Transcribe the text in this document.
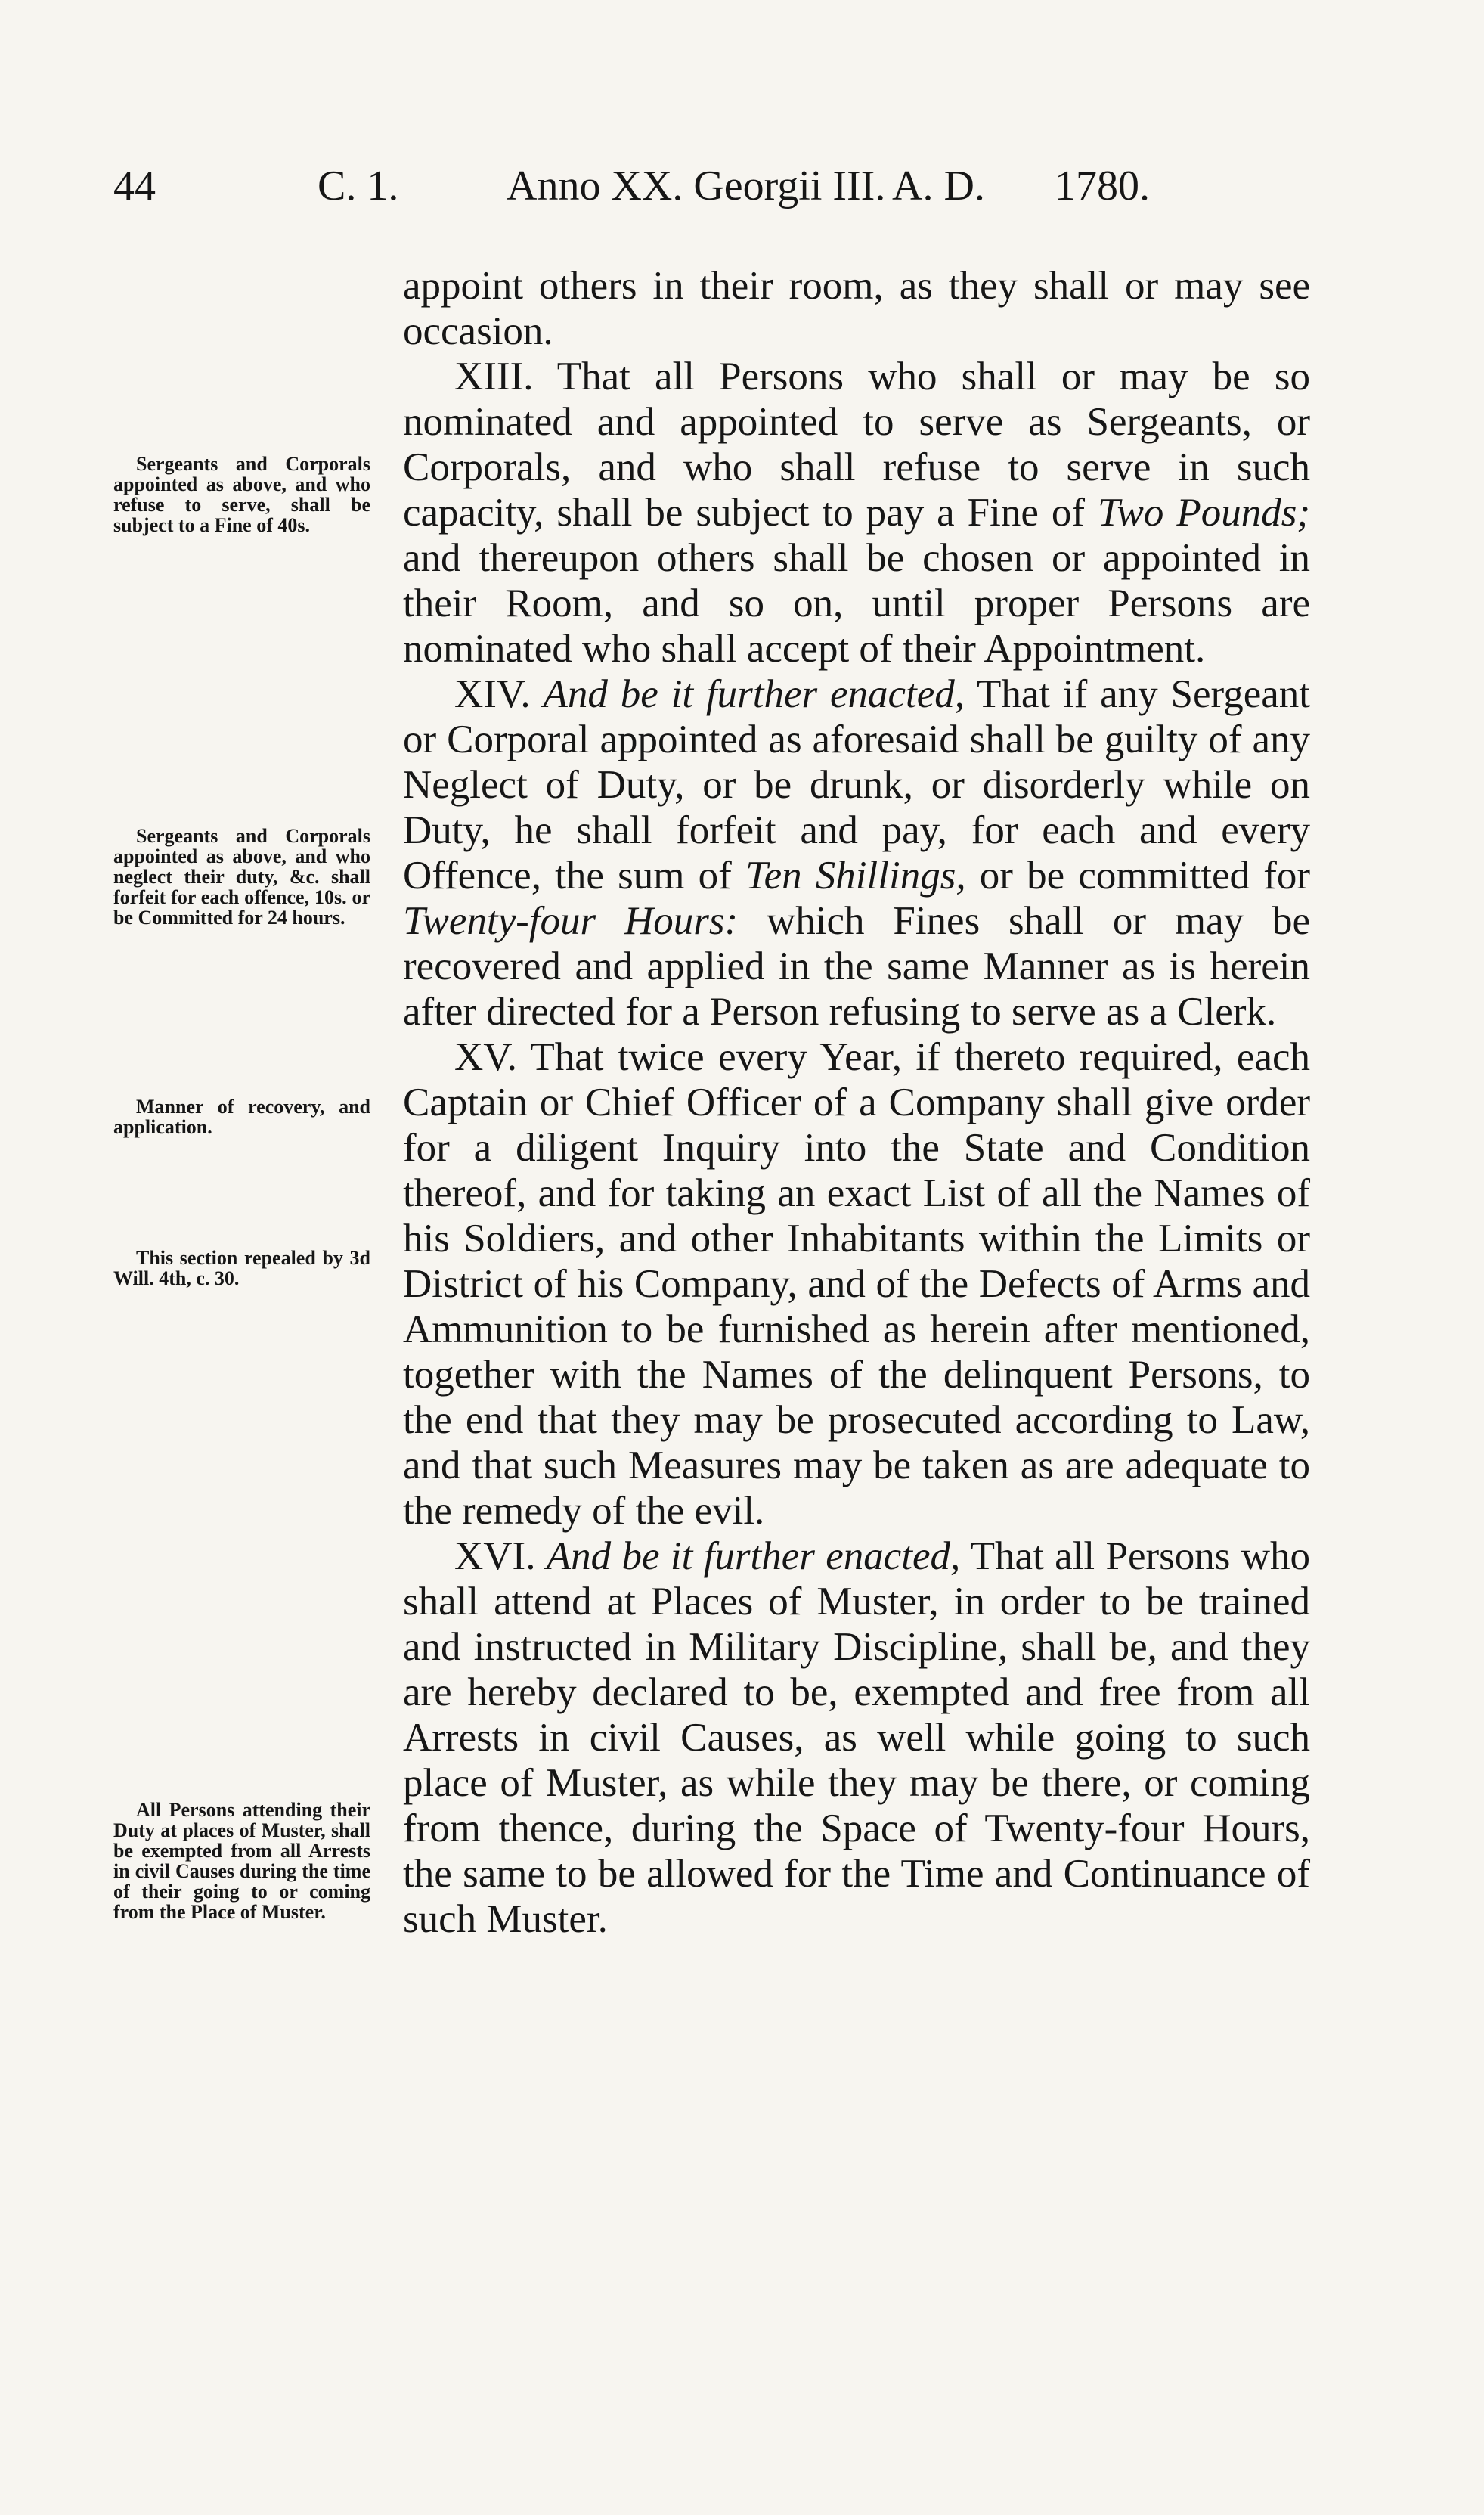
44	C. 1.	Anno XX. Georgii III. A. D. 1780.
Sergeants and Corporals appointed as above, and who refuse to serve, shall be subject to a Fine of 40s.
Sergeants and Corporals appointed as above, and who neglect their duty, &c. shall forfeit for each offence, 10s. or be Committed for 24 hours.
Manner of recovery, and application.
This section repealed by 3d Will. 4th, c. 30.
All Persons attending their Duty at places of Muster, shall be exempted from all Arrests in civil Causes during the time of their going to or coming from the Place of Muster.

appoint others in their room, as they shall or may see occasion.

XIII. That all Persons who shall or may be so nominated and appointed to serve as Sergeants, or Corporals, and who shall refuse to serve in such capacity, shall be subject to pay a Fine of Two Pounds; and thereupon others shall be chosen or appointed in their Room, and so on, until proper Persons are nominated who shall accept of their Appointment.

XIV. And be it further enacted, That if any Sergeant or Corporal appointed as aforesaid shall be guilty of any Neglect of Duty, or be drunk, or disorderly while on Duty, he shall forfeit and pay, for each and every Offence, the sum of Ten Shillings, or be committed for Twenty-four Hours: which Fines shall or may be recovered and applied in the same Manner as is herein after directed for a Person refusing to serve as a Clerk.

XV. That twice every Year, if thereto required, each Captain or Chief Officer of a Company shall give order for a diligent Inquiry into the State and Condition thereof, and for taking an exact List of all the Names of his Soldiers, and other Inhabitants within the Limits or District of his Company, and of the Defects of Arms and Ammunition to be furnished as herein after mentioned, together with the Names of the delinquent Persons, to the end that they may be prosecuted according to Law, and that such Measures may be taken as are adequate to the remedy of the evil.

XVI. And be it further enacted, That all Persons who shall attend at Places of Muster, in order to be trained and instructed in Military Discipline, shall be, and they are hereby declared to be, exempted and free from all Arrests in civil Causes, as well while going to such place of Muster, as while they may be there, or coming from thence, during the Space of Twenty-four Hours, the same to be allowed for the Time and Continuance of such Muster.
